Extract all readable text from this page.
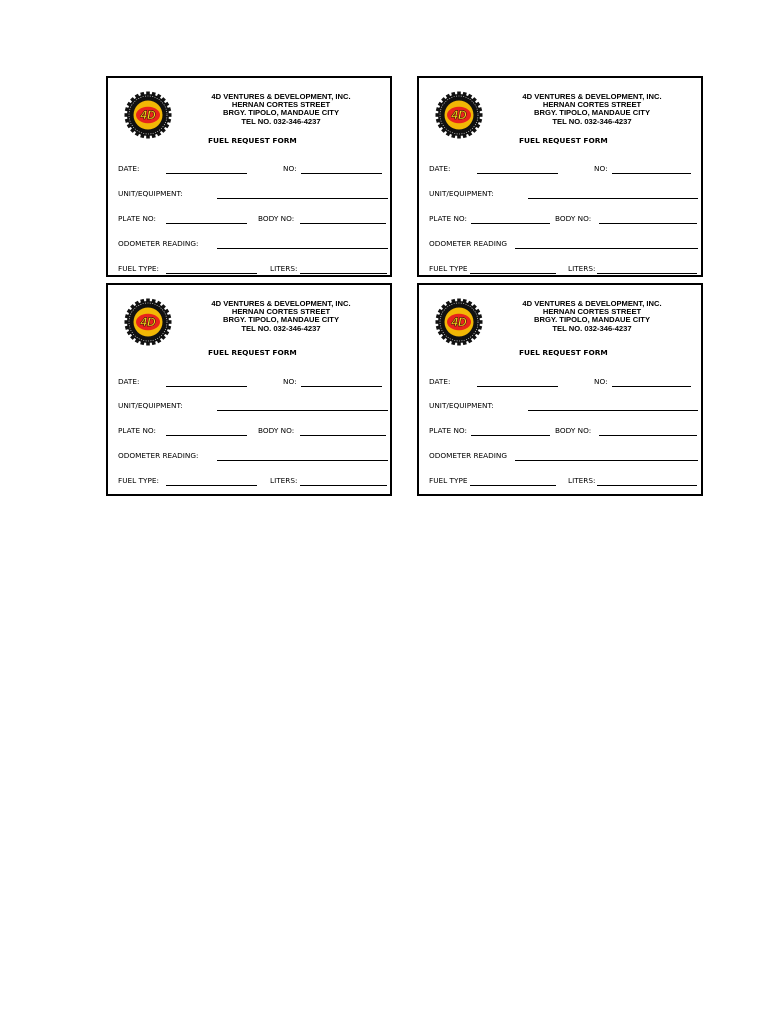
4D
4D VENTURES & DEVELOPMENT, INC.
HERNAN CORTES STREET
BRGY. TIPOLO, MANDAUE CITY
TEL NO. 032-346-4237
FUEL REQUEST FORM
DATE:	NO:
UNIT/EQUIPMENT:
PLATE NO:	BODY NO:
ODOMETER READING:
FUEL TYPE:	LITERS:
4D
4D VENTURES & DEVELOPMENT, INC.
HERNAN CORTES STREET
BRGY. TIPOLO, MANDAUE CITY
TEL NO. 032-346-4237
FUEL REQUEST FORM
DATE:	NO:
UNIT/EQUIPMENT:
PLATE NO:	BODY NO:
ODOMETER READING
FUEL TYPE	LITERS:
4D
4D VENTURES & DEVELOPMENT, INC.
HERNAN CORTES STREET
BRGY. TIPOLO, MANDAUE CITY
TEL NO. 032-346-4237
FUEL REQUEST FORM
DATE:	NO:
UNIT/EQUIPMENT:
PLATE NO:	BODY NO:
ODOMETER READING:
FUEL TYPE:	LITERS:
4D
4D VENTURES & DEVELOPMENT, INC.
HERNAN CORTES STREET
BRGY. TIPOLO, MANDAUE CITY
TEL NO. 032-346-4237
FUEL REQUEST FORM
DATE:	NO:
UNIT/EQUIPMENT:
PLATE NO:	BODY NO:
ODOMETER READING
FUEL TYPE	LITERS:
